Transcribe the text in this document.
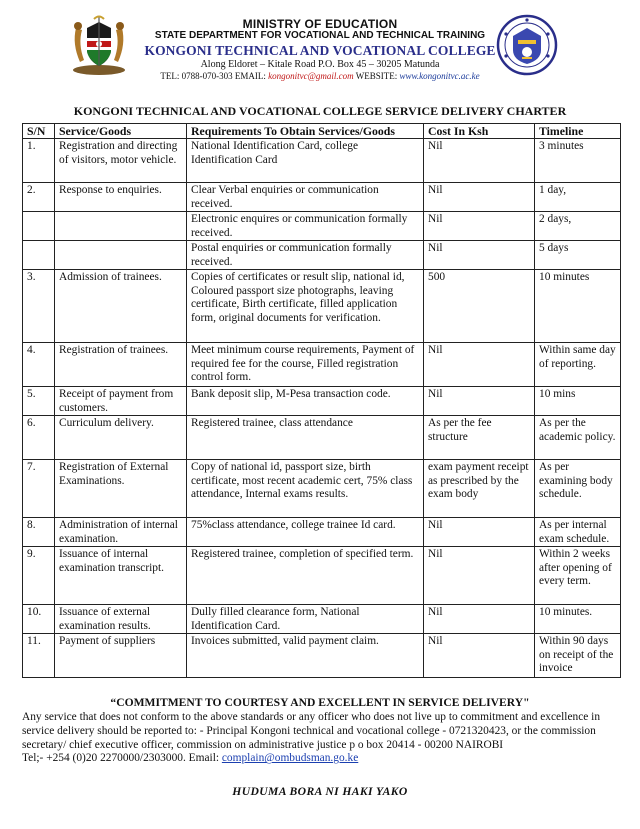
MINISTRY OF EDUCATION
STATE DEPARTMENT FOR VOCATIONAL AND TECHNICAL TRAINING
KONGONI TECHNICAL AND VOCATIONAL COLLEGE
Along Eldoret – Kitale Road P.O. Box 45 – 30205 Matunda
TEL: 0788-070-303 EMAIL: kongonitvc@gmail.com WEBSITE: www.kongonitvc.ac.ke
KONGONI TECHNICAL AND VOCATIONAL COLLEGE SERVICE DELIVERY CHARTER
S/N	Service/Goods	Requirements To Obtain Services/Goods	Cost In Ksh	Timeline
1.	Registration and directing of visitors, motor vehicle.	National Identification Card, college Identification Card	Nil	3 minutes
2.	Response to enquiries.	Clear Verbal enquiries or communication received.	Nil	1 day,
		Electronic enquires or communication formally received.	Nil	2 days,
		Postal enquiries or communication formally received.	Nil	5 days
3.	Admission of trainees.	Copies of certificates or result slip, national id, Coloured passport size photographs, leaving certificate, Birth certificate, filled application form, original documents for verification.	500	10 minutes
4.	Registration of trainees.	Meet minimum course requirements, Payment of required fee for the course, Filled registration control form.	Nil	Within same day of reporting.
5.	Receipt of payment from customers.	Bank deposit slip, M-Pesa transaction code.	Nil	10 mins
6.	Curriculum delivery.	Registered trainee, class attendance	As per the fee structure	As per the academic policy.
7.	Registration of External Examinations.	Copy of national id, passport size, birth certificate, most recent academic cert, 75% class attendance, Internal exams results.	exam payment receipt as prescribed by the exam body	As per examining body schedule.
8.	Administration of internal examination.	75%class attendance, college trainee Id card.	Nil	As per internal exam schedule.
9.	Issuance of internal examination transcript.	Registered trainee, completion of specified term.	Nil	Within 2 weeks after opening of every term.
10.	Issuance of external examination results.	Dully filled clearance form, National Identification Card.	Nil	10 minutes.
11.	Payment of suppliers	Invoices submitted, valid payment claim.	Nil	Within 90 days on receipt of the invoice
“COMMITMENT TO COURTESY AND EXCELLENT IN SERVICE DELIVERY"
Any service that does not conform to the above standards or any officer who does not live up to commitment and excellence in service delivery should be reported to: - Principal Kongoni technical and vocational college - 0721320423, or the commission secretary/ chief executive officer, commission on administrative justice p o box 20414 - 00200 NAIROBI
Tel;- +254 (0)20 2270000/2303000. Email: complain@ombudsman.go.ke
HUDUMA BORA NI HAKI YAKO
